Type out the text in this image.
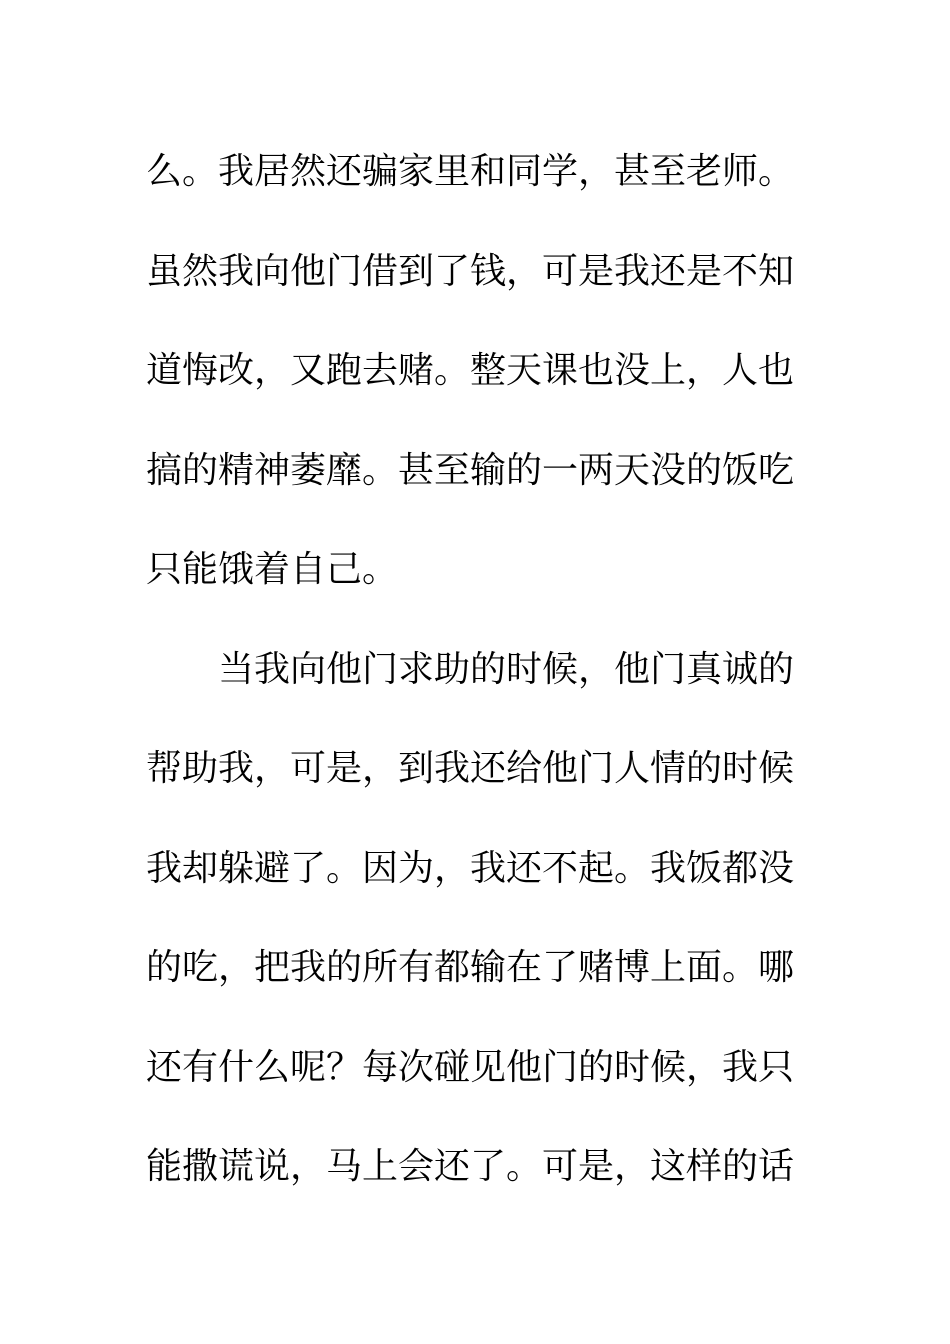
么。我居然还骗家里和同学，甚至老师。
虽然我向他门借到了钱，可是我还是不知
道悔改，又跑去赌。整天课也没上，人也
搞的精神萎靡。甚至输的一两天没的饭吃
只能饿着自己。
当我向他门求助的时候，他门真诚的
帮助我，可是，到我还给他门人情的时候
我却躲避了。因为，我还不起。我饭都没
的吃，把我的所有都输在了赌博上面。哪
还有什么呢？每次碰见他门的时候，我只
能撒谎说，马上会还了。可是，这样的话
